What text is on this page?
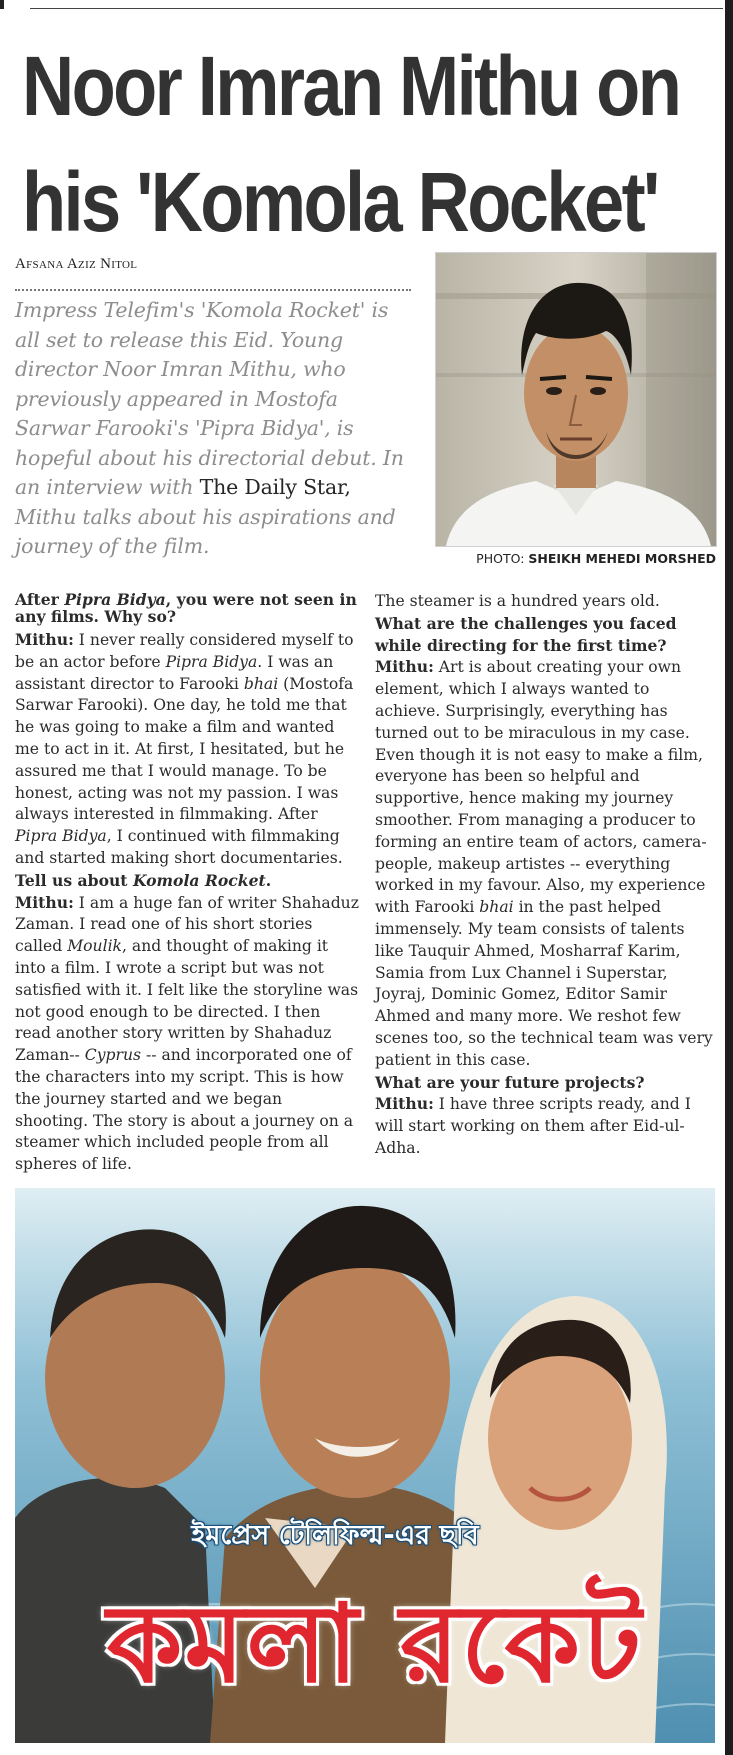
Noor Imran Mithu on
his 'Komola Rocket'
Afsana Aziz Nitol

Impress Telefim's 'Komola Rocket' is all set to release this Eid. Young director Noor Imran Mithu, who previously appeared in Mostofa Sarwar Farooki's 'Pipra Bidya', is hopeful about his directorial debut. In an interview with The Daily Star, Mithu talks about his aspirations and journey of the film.

PHOTO: SHEIKH MEHEDI MORSHED

After Pipra Bidya, you were not seen in any films. Why so?

Mithu: I never really considered myself to be an actor before Pipra Bidya. I was an assistant director to Farooki bhai (Mostofa Sarwar Farooki). One day, he told me that he was going to make a film and wanted me to act in it. At first, I hesitated, but he assured me that I would manage. To be honest, acting was not my passion. I was always interested in filmmaking. After Pipra Bidya, I continued with filmmaking and started making short documentaries.

Tell us about Komola Rocket.

Mithu: I am a huge fan of writer Shahaduz Zaman. I read one of his short stories called Moulik, and thought of making it into a film. I wrote a script but was not satisfied with it. I felt like the storyline was not good enough to be directed. I then read another story written by Shahaduz Zaman-- Cyprus -- and incorporated one of the characters into my script. This is how the journey started and we began shooting. The story is about a journey on a steamer which included people from all spheres of life.

The steamer is a hundred years old.

What are the challenges you faced while directing for the first time?

Mithu: Art is about creating your own element, which I always wanted to achieve. Surprisingly, everything has turned out to be miraculous in my case. Even though it is not easy to make a film, everyone has been so helpful and supportive, hence making my journey smoother. From managing a producer to forming an entire team of actors, camera-people, makeup artistes -- everything worked in my favour. Also, my experience with Farooki bhai in the past helped immensely. My team consists of talents like Tauquir Ahmed, Mosharraf Karim, Samia from Lux Channel i Superstar, Joyraj, Dominic Gomez, Editor Samir Ahmed and many more. We reshot few scenes too, so the technical team was very patient in this case.

What are your future projects?

Mithu: I have three scripts ready, and I will start working on them after Eid-ul-Adha.

ইমপ্রেস টেলিফিল্ম-এর ছবি
কমলা রকেট
